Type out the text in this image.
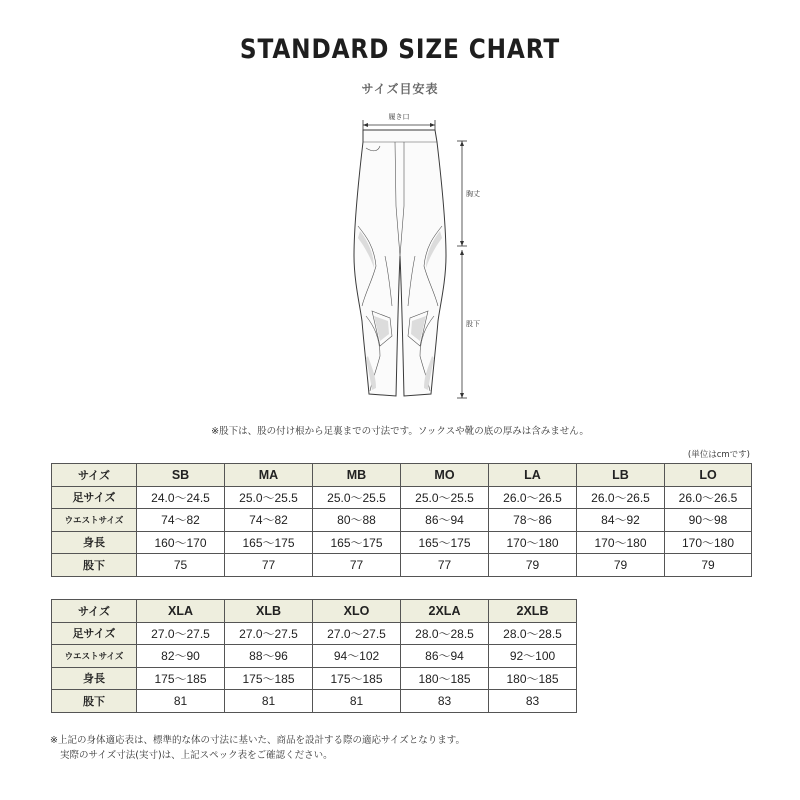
STANDARD SIZE CHART
サイズ目安表
履き口
胸丈
股下
※股下は、股の付け根から足裏までの寸法です。ソックスや靴の底の厚みは含みません。
(単位はcmです)
サイズ	SB	MA	MB	MO	LA	LB	LO
足サイズ	24.0～24.5	25.0～25.5	25.0～25.5	25.0～25.5	26.0～26.5	26.0～26.5	26.0～26.5
ウエストサイズ	74～82	74～82	80～88	86～94	78～86	84～92	90～98
身長	160～170	165～175	165～175	165～175	170～180	170～180	170～180
股下	75	77	77	77	79	79	79
サイズ	XLA	XLB	XLO	2XLA	2XLB
足サイズ	27.0～27.5	27.0～27.5	27.0～27.5	28.0～28.5	28.0～28.5
ウエストサイズ	82～90	88～96	94～102	86～94	92～100
身長	175～185	175～185	175～185	180～185	180～185
股下	81	81	81	83	83
※上記の身体適応表は、標準的な体の寸法に基いた、商品を設計する際の適応サイズとなります。
実際のサイズ寸法(実寸)は、上記スペック表をご確認ください。
